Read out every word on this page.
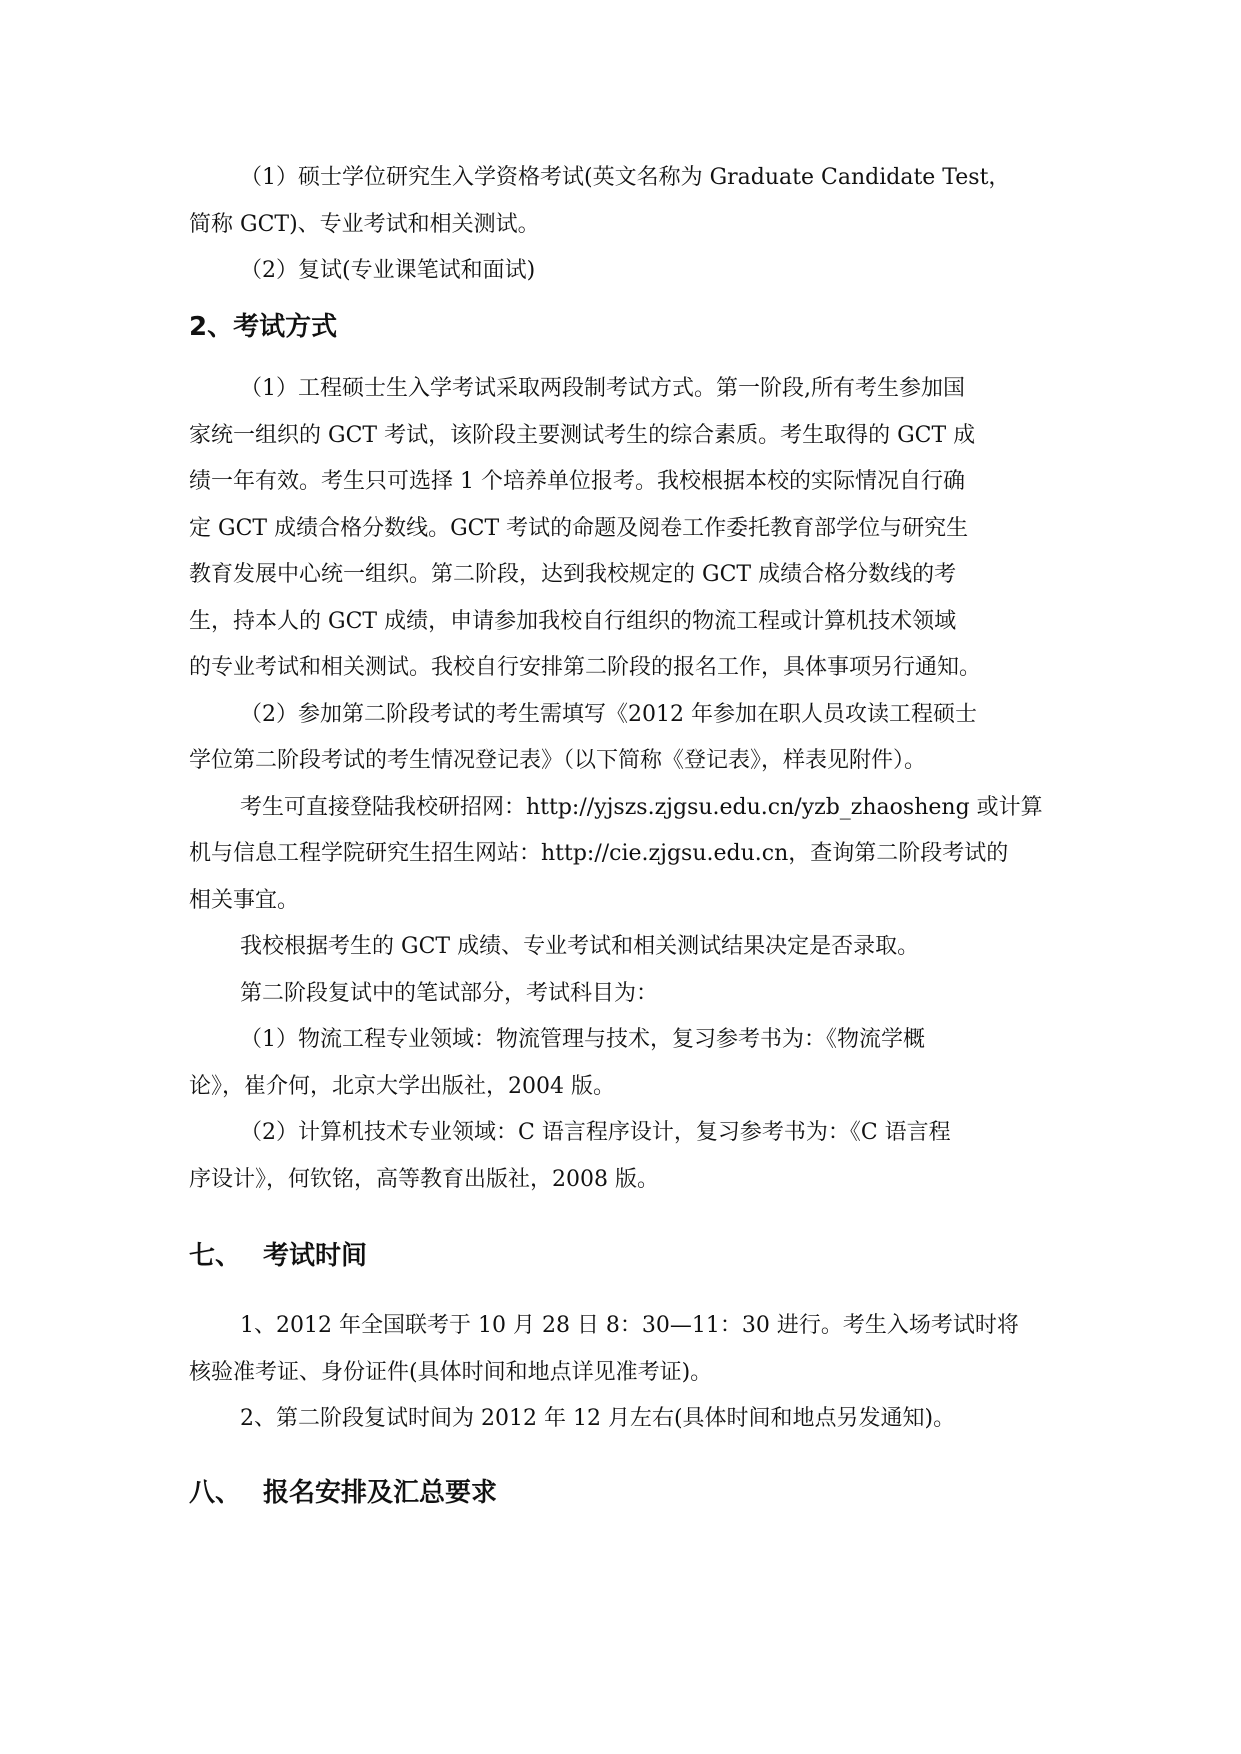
（1）硕士学位研究生入学资格考试(英文名称为 Graduate Candidate Test，
简称 GCT)、专业考试和相关测试。
（2）复试(专业课笔试和面试)
2、考试方式
（1）工程硕士生入学考试采取两段制考试方式。第一阶段,所有考生参加国
家统一组织的 GCT 考试，该阶段主要测试考生的综合素质。考生取得的 GCT 成
绩一年有效。考生只可选择 1 个培养单位报考。我校根据本校的实际情况自行确
定 GCT 成绩合格分数线。GCT 考试的命题及阅卷工作委托教育部学位与研究生
教育发展中心统一组织。第二阶段，达到我校规定的 GCT 成绩合格分数线的考
生，持本人的 GCT 成绩，申请参加我校自行组织的物流工程或计算机技术领域
的专业考试和相关测试。我校自行安排第二阶段的报名工作，具体事项另行通知。
（2）参加第二阶段考试的考生需填写《2012 年参加在职人员攻读工程硕士
学位第二阶段考试的考生情况登记表》（以下简称《登记表》，样表见附件）。
考生可直接登陆我校研招网：http://yjszs.zjgsu.edu.cn/yzb_zhaosheng 或计算
机与信息工程学院研究生招生网站：http://cie.zjgsu.edu.cn，查询第二阶段考试的
相关事宜。
我校根据考生的 GCT 成绩、专业考试和相关测试结果决定是否录取。
第二阶段复试中的笔试部分，考试科目为：
（1）物流工程专业领域：物流管理与技术，复习参考书为：《物流学概
论》，崔介何，北京大学出版社，2004 版。
（2）计算机技术专业领域：C 语言程序设计，复习参考书为：《C 语言程
序设计》，何钦铭，高等教育出版社，2008 版。
七、 考试时间
1、2012 年全国联考于 10 月 28 日 8：30—11：30 进行。考生入场考试时将
核验准考证、身份证件(具体时间和地点详见准考证)。
2、第二阶段复试时间为 2012 年 12 月左右(具体时间和地点另发通知)。
八、 报名安排及汇总要求
